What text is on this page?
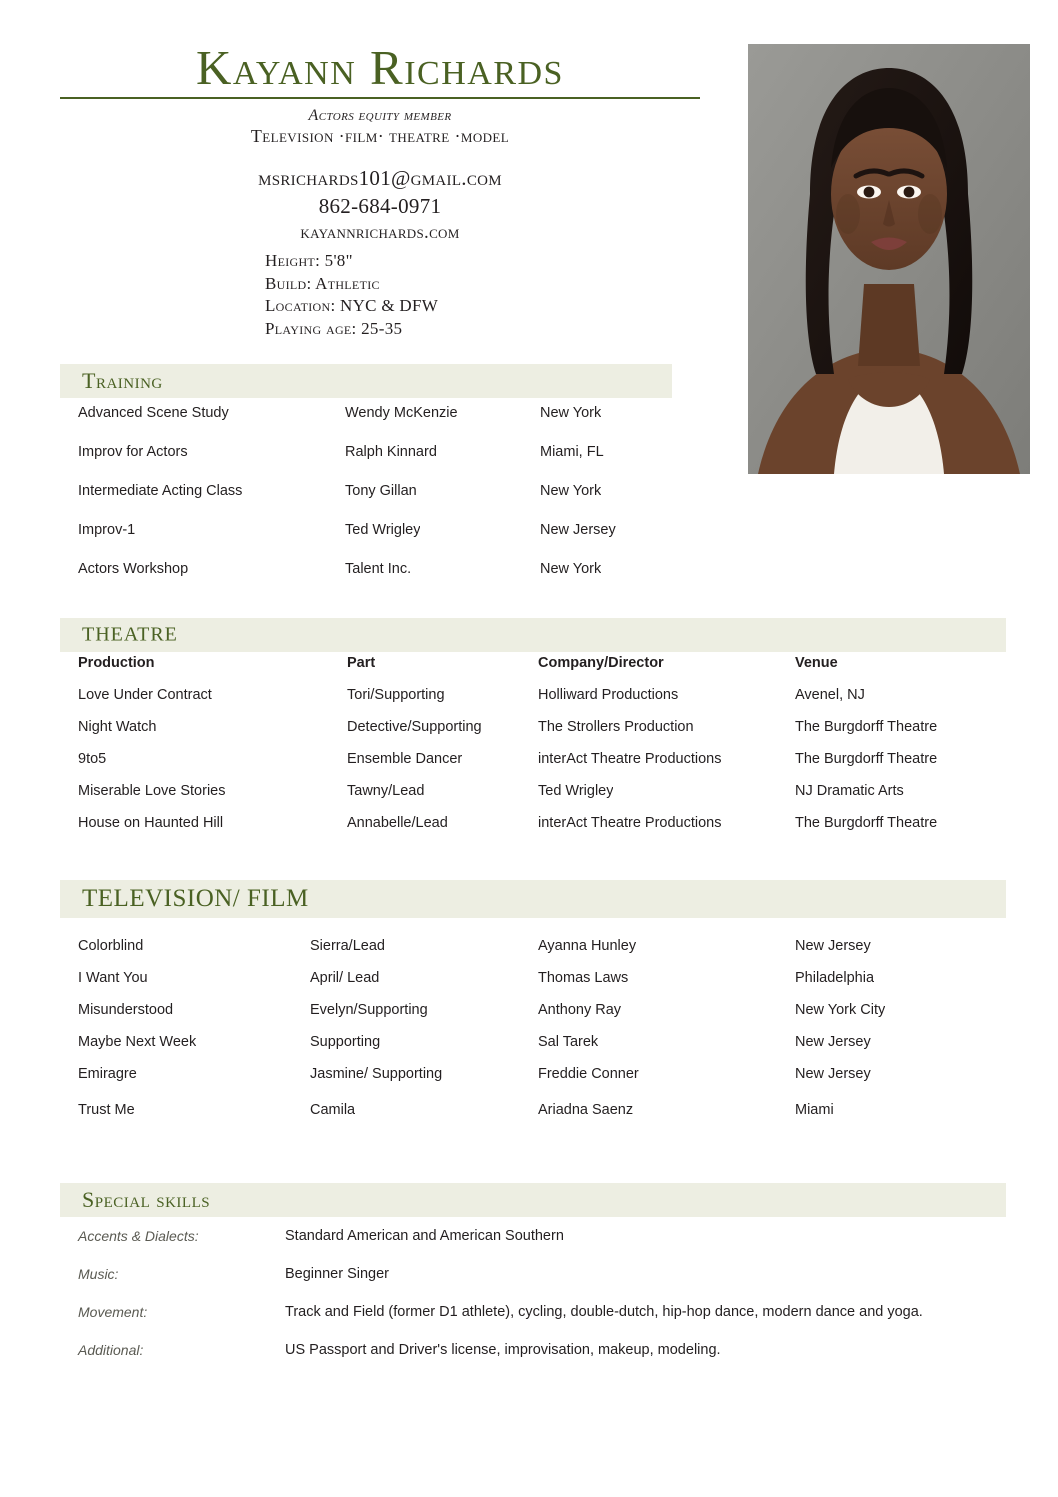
Kayann Richards
Actors equity member
Television ·film· theatre ·model
msrichards101@gmail.com
862-684-0971
kayannrichards.com
Height: 5'8"
Build: Athletic
Location: NYC & DFW
Playing age: 25-35
Training
Advanced Scene Study	Wendy McKenzie	New York
Improv for Actors	Ralph Kinnard	Miami, FL
Intermediate Acting Class	Tony Gillan	New York
Improv-1	Ted Wrigley	New Jersey
Actors Workshop	Talent Inc.	New York
THEATRE
Production	Part	Company/Director	Venue
Love Under Contract	Tori/Supporting	Holliward Productions	Avenel, NJ
Night Watch	Detective/Supporting	The Strollers Production	The Burgdorff Theatre
9to5	Ensemble Dancer	interAct Theatre Productions	The Burgdorff Theatre
Miserable Love Stories	Tawny/Lead	Ted Wrigley	NJ Dramatic Arts
House on Haunted Hill	Annabelle/Lead	interAct Theatre Productions	The Burgdorff Theatre
TELEVISION/ FILM
Colorblind	Sierra/Lead	Ayanna Hunley	New Jersey
I Want You	April/ Lead	Thomas Laws	Philadelphia
Misunderstood	Evelyn/Supporting	Anthony Ray	New York City
Maybe Next Week	Supporting	Sal Tarek	New Jersey
Emiragre	Jasmine/ Supporting	Freddie Conner	New Jersey
Trust Me	Camila	Ariadna Saenz	Miami
Special skills
Accents & Dialects:	Standard American and American Southern
Music:	Beginner Singer
Movement:	Track and Field (former D1 athlete), cycling, double-dutch, hip-hop dance, modern dance and yoga.
Additional:	US Passport and Driver's license, improvisation, makeup, modeling.
